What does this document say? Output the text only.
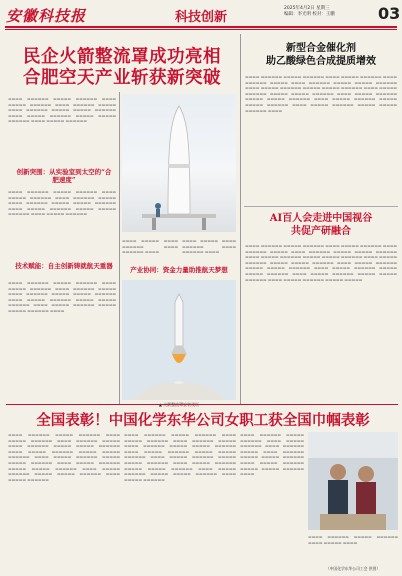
安徽科技报	科技创新
2025年4月2日 星期三
编辑：李光明 校对：王鹏	03
民企火箭整流罩成功亮相
合肥空天产业斩获新突破
▬▬▬▬ ▬▬▬▬▬▬ ▬▬▬▬▬ ▬▬▬▬▬▬ ▬▬▬▬ ▬▬▬▬▬ ▬▬▬▬▬▬ ▬▬▬▬ ▬▬▬▬▬▬ ▬▬▬▬▬ ▬▬▬▬ ▬▬▬▬▬▬ ▬▬▬▬▬ ▬▬▬▬▬ ▬▬▬▬▬▬ ▬▬▬▬ ▬▬▬▬▬ ▬▬▬▬▬▬ ▬▬▬▬▬ ▬▬▬▬▬ ▬▬▬▬▬▬ ▬▬▬▬ ▬▬▬▬▬ ▬▬▬▬▬▬
创新突围：从实验室到太空的“合肥速度”
▬▬▬▬ ▬▬▬▬▬▬ ▬▬▬▬▬ ▬▬▬▬▬▬ ▬▬▬▬ ▬▬▬▬▬ ▬▬▬▬▬▬ ▬▬▬▬ ▬▬▬▬▬▬ ▬▬▬▬▬ ▬▬▬▬ ▬▬▬▬▬▬ ▬▬▬▬▬ ▬▬▬▬▬ ▬▬▬▬▬▬ ▬▬▬▬ ▬▬▬▬▬ ▬▬▬▬▬▬ ▬▬▬▬▬ ▬▬▬▬▬ ▬▬▬▬▬▬ ▬▬▬▬ ▬▬▬▬▬ ▬▬▬▬▬▬
技术赋能：自主创新铸就航天重器
▬▬▬▬ ▬▬▬▬▬▬ ▬▬▬▬▬ ▬▬▬▬▬▬ ▬▬▬▬ ▬▬▬▬▬ ▬▬▬▬▬▬ ▬▬▬▬ ▬▬▬▬▬▬ ▬▬▬▬▬ ▬▬▬▬ ▬▬▬▬▬▬ ▬▬▬▬▬ ▬▬▬▬▬ ▬▬▬▬▬▬ ▬▬▬▬ ▬▬▬▬▬ ▬▬▬▬▬▬ ▬▬▬▬▬ ▬▬▬▬▬ ▬▬▬▬▬▬ ▬▬▬▬ ▬▬▬▬▬ ▬▬▬▬▬▬ ▬▬▬▬▬ ▬▬▬▬▬ ▬▬▬▬▬▬ ▬▬▬▬
▬▬▬▬ ▬▬▬▬▬ ▬▬▬▬ ▬▬▬▬▬▬ ▬▬▬▬ ▬▬▬▬▬▬ ▬▬▬▬
▬▬▬▬ ▬▬▬▬▬ ▬▬▬▬ ▬▬▬▬▬▬ ▬▬▬▬ ▬▬▬▬▬▬ ▬▬▬▬
产业协同：资金力量助推航天梦想
新型合金催化剂
助乙酸绿色合成提质增效
▬▬▬▬ ▬▬▬▬▬▬ ▬▬▬▬▬ ▬▬▬▬▬▬ ▬▬▬▬ ▬▬▬▬▬ ▬▬▬▬▬▬ ▬▬▬▬ ▬▬▬▬▬▬ ▬▬▬▬▬ ▬▬▬▬ ▬▬▬▬▬▬ ▬▬▬▬▬ ▬▬▬▬▬ ▬▬▬▬▬▬ ▬▬▬▬ ▬▬▬▬▬ ▬▬▬▬▬▬ ▬▬▬▬▬ ▬▬▬▬▬ ▬▬▬▬▬▬ ▬▬▬▬ ▬▬▬▬▬ ▬▬▬▬▬▬ ▬▬▬▬▬ ▬▬▬▬▬ ▬▬▬▬▬▬ ▬▬▬▬ ▬▬▬▬▬ ▬▬▬▬▬▬ ▬▬▬▬▬ ▬▬▬▬▬ ▬▬▬▬▬▬ ▬▬▬▬ ▬▬▬▬▬ ▬▬▬▬▬▬ ▬▬▬▬▬ ▬▬▬▬▬ ▬▬▬▬▬▬ ▬▬▬▬ ▬▬▬▬▬ ▬▬▬▬▬▬ ▬▬▬▬▬ ▬▬▬▬▬ ▬▬▬▬▬▬ ▬▬▬▬
AI百人会走进中国视谷
共促产研融合
▬▬▬▬ ▬▬▬▬▬▬ ▬▬▬▬▬ ▬▬▬▬▬▬ ▬▬▬▬ ▬▬▬▬▬ ▬▬▬▬▬▬ ▬▬▬▬ ▬▬▬▬▬▬ ▬▬▬▬▬ ▬▬▬▬ ▬▬▬▬▬▬ ▬▬▬▬▬ ▬▬▬▬▬ ▬▬▬▬▬▬ ▬▬▬▬ ▬▬▬▬▬ ▬▬▬▬▬▬ ▬▬▬▬▬ ▬▬▬▬▬ ▬▬▬▬▬▬ ▬▬▬▬ ▬▬▬▬▬ ▬▬▬▬▬▬ ▬▬▬▬▬ ▬▬▬▬▬ ▬▬▬▬▬▬ ▬▬▬▬ ▬▬▬▬▬ ▬▬▬▬▬▬ ▬▬▬▬▬ ▬▬▬▬▬ ▬▬▬▬▬▬ ▬▬▬▬ ▬▬▬▬▬ ▬▬▬▬▬▬ ▬▬▬▬▬ ▬▬▬▬▬ ▬▬▬▬▬▬ ▬▬▬▬ ▬▬▬▬▬ ▬▬▬▬▬▬ ▬▬▬▬▬ ▬▬▬▬▬ ▬▬▬▬▬▬ ▬▬▬▬ ▬▬▬▬▬ ▬▬▬▬▬▬ ▬▬▬▬▬ ▬▬▬▬▬
全国表彰！中国化学东华公司女职工获全国巾帼表彰
▬▬▬▬ ▬▬▬▬▬▬ ▬▬▬▬▬ ▬▬▬▬▬▬ ▬▬▬▬ ▬▬▬▬▬ ▬▬▬▬▬▬ ▬▬▬▬ ▬▬▬▬▬▬ ▬▬▬▬▬ ▬▬▬▬ ▬▬▬▬▬▬ ▬▬▬▬▬ ▬▬▬▬▬ ▬▬▬▬▬▬ ▬▬▬▬ ▬▬▬▬▬ ▬▬▬▬▬▬ ▬▬▬▬▬ ▬▬▬▬▬ ▬▬▬▬▬▬ ▬▬▬▬ ▬▬▬▬▬ ▬▬▬▬▬▬ ▬▬▬▬▬ ▬▬▬▬▬ ▬▬▬▬▬▬ ▬▬▬▬ ▬▬▬▬▬ ▬▬▬▬▬▬ ▬▬▬▬▬ ▬▬▬▬▬ ▬▬▬▬▬▬ ▬▬▬▬ ▬▬▬▬▬ ▬▬▬▬▬▬ ▬▬▬▬▬ ▬▬▬▬▬ ▬▬▬▬▬▬ ▬▬▬▬ ▬▬▬▬▬ ▬▬▬▬▬▬
▬▬▬▬ ▬▬▬▬▬▬ ▬▬▬▬▬ ▬▬▬▬▬▬ ▬▬▬▬ ▬▬▬▬▬ ▬▬▬▬▬▬ ▬▬▬▬ ▬▬▬▬▬▬ ▬▬▬▬▬ ▬▬▬▬ ▬▬▬▬▬▬ ▬▬▬▬▬ ▬▬▬▬▬ ▬▬▬▬▬▬ ▬▬▬▬ ▬▬▬▬▬ ▬▬▬▬▬▬ ▬▬▬▬▬ ▬▬▬▬▬ ▬▬▬▬▬▬ ▬▬▬▬ ▬▬▬▬▬ ▬▬▬▬▬▬ ▬▬▬▬▬ ▬▬▬▬▬ ▬▬▬▬▬▬ ▬▬▬▬ ▬▬▬▬▬ ▬▬▬▬▬▬ ▬▬▬▬▬ ▬▬▬▬▬ ▬▬▬▬▬▬ ▬▬▬▬ ▬▬▬▬▬ ▬▬▬▬▬▬ ▬▬▬▬▬ ▬▬▬▬▬ ▬▬▬▬▬▬ ▬▬▬▬ ▬▬▬▬▬ ▬▬▬▬▬▬
▬▬▬▬ ▬▬▬▬▬▬ ▬▬▬▬▬ ▬▬▬▬▬▬ ▬▬▬▬ ▬▬▬▬▬ ▬▬▬▬▬▬ ▬▬▬▬ ▬▬▬▬▬▬ ▬▬▬▬▬ ▬▬▬▬ ▬▬▬▬▬▬ ▬▬▬▬▬ ▬▬▬▬▬ ▬▬▬▬▬▬ ▬▬▬▬ ▬▬▬▬▬ ▬▬▬▬▬▬ ▬▬▬▬▬ ▬▬▬▬▬ ▬▬▬▬▬▬ ▬▬▬▬
▬▬▬▬ ▬▬▬▬▬▬ ▬▬▬▬▬ ▬▬▬▬▬▬ ▬▬▬▬ ▬▬▬▬▬ ▬▬▬▬
（中国化学东华公司工会 供图）
